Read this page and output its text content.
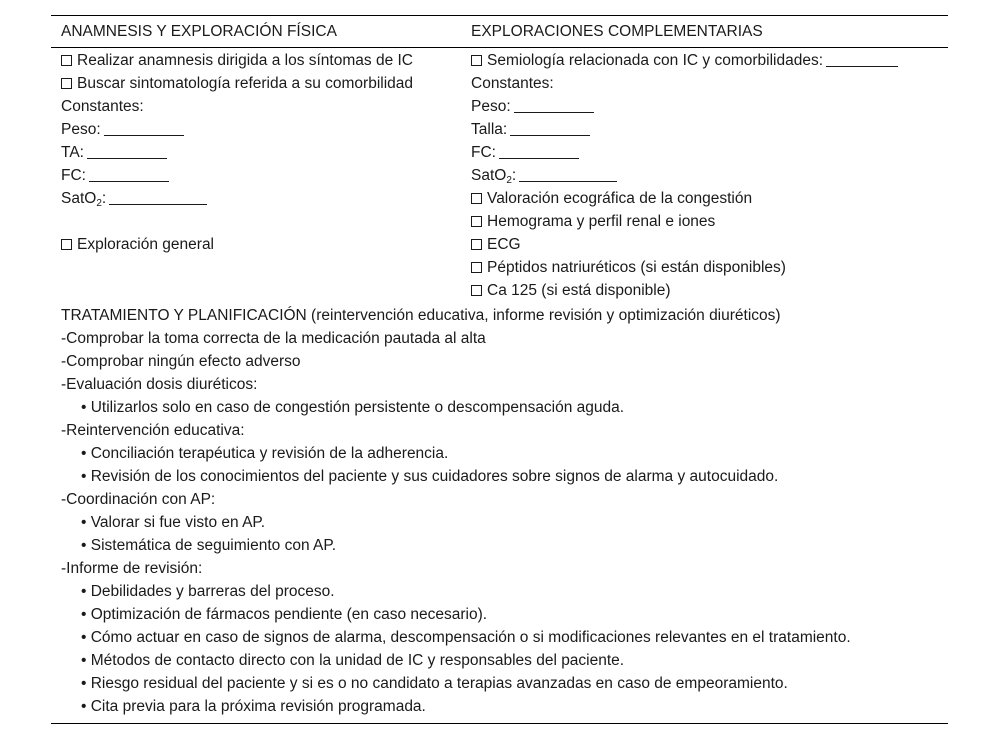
ANAMNESIS Y EXPLORACIÓN FÍSICA	EXPLORACIONES COMPLEMENTARIAS
Realizar anamnesis dirigida a los síntomas de IC
Buscar sintomatología referida a su comorbilidad
Constantes:
Peso:
TA:
FC:
SatO$_2$:
Exploración general
Semiología relacionada con IC y comorbilidades:
Constantes:
Peso:
Talla:
FC:
SatO$_2$:
Valoración ecográfica de la congestión
Hemograma y perfil renal e iones
ECG
Péptidos natriuréticos (si están disponibles)
Ca 125 (si está disponible)
TRATAMIENTO Y PLANIFICACIÓN (reintervención educativa, informe revisión y optimización diuréticos)
-Comprobar la toma correcta de la medicación pautada al alta
-Comprobar ningún efecto adverso
-Evaluación dosis diuréticos:
• Utilizarlos solo en caso de congestión persistente o descompensación aguda.
-Reintervención educativa:
• Conciliación terapéutica y revisión de la adherencia.
• Revisión de los conocimientos del paciente y sus cuidadores sobre signos de alarma y autocuidado.
-Coordinación con AP:
• Valorar si fue visto en AP.
• Sistemática de seguimiento con AP.
-Informe de revisión:
• Debilidades y barreras del proceso.
• Optimización de fármacos pendiente (en caso necesario).
• Cómo actuar en caso de signos de alarma, descompensación o si modificaciones relevantes en el tratamiento.
• Métodos de contacto directo con la unidad de IC y responsables del paciente.
• Riesgo residual del paciente y si es o no candidato a terapias avanzadas en caso de empeoramiento.
• Cita previa para la próxima revisión programada.
